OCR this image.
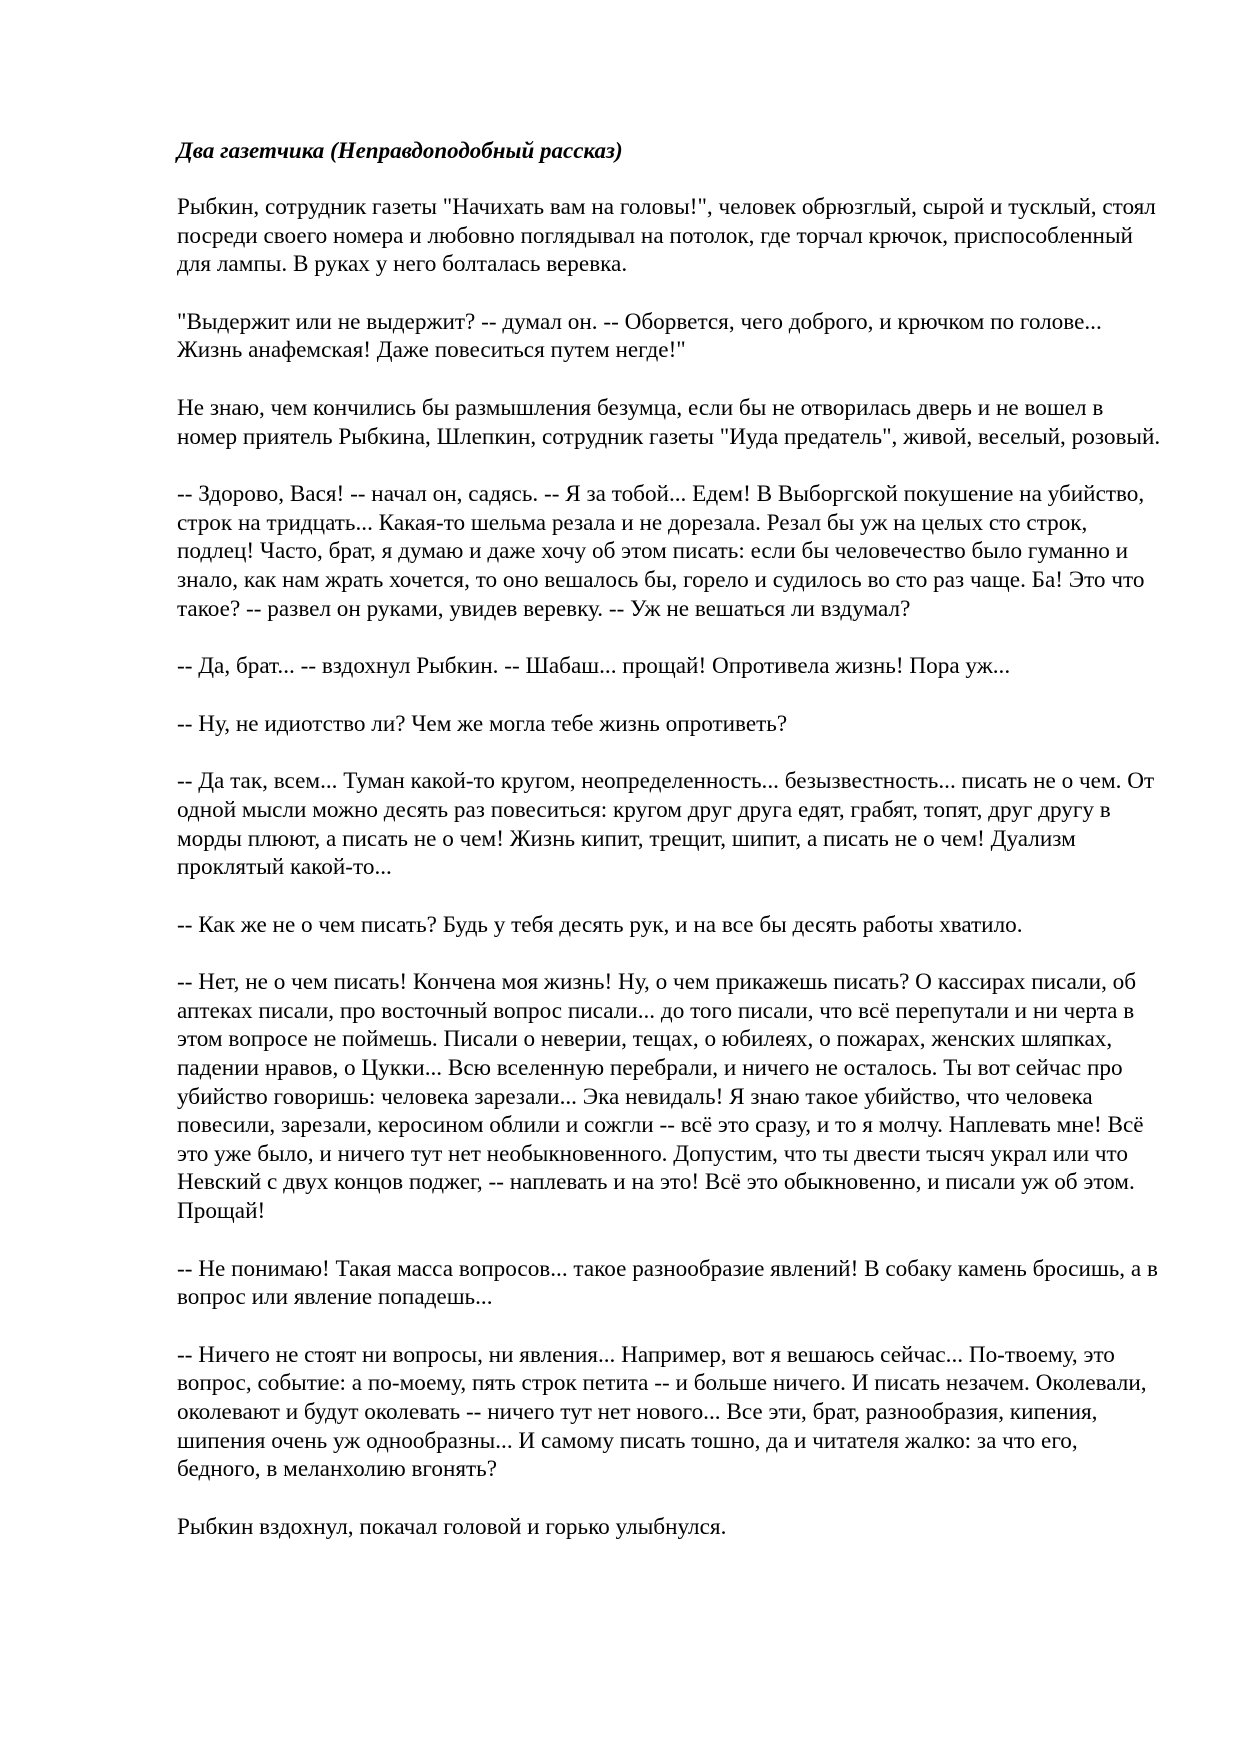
Два газетчика (Неправдоподобный рассказ)

Рыбкин, сотрудник газеты "Начихать вам на головы!", человек обрюзглый, сырой и тусклый, стоял посреди своего номера и любовно поглядывал на потолок, где торчал крючок, приспособленный для лампы. В руках у него болталась веревка.

"Выдержит или не выдержит? -- думал он. -- Оборвется, чего доброго, и крючком по голове... Жизнь анафемская! Даже повеситься путем негде!"

Не знаю, чем кончились бы размышления безумца, если бы не отворилась дверь и не вошел в номер приятель Рыбкина, Шлепкин, сотрудник газеты "Иуда предатель", живой, веселый, розовый.

-- Здорово, Вася! -- начал он, садясь. -- Я за тобой... Едем! В Выборгской покушение на убийство, строк на тридцать... Какая-то шельма резала и не дорезала. Резал бы уж на целых сто строк, подлец! Часто, брат, я думаю и даже хочу об этом писать: если бы человечество было гуманно и знало, как нам жрать хочется, то оно вешалось бы, горело и судилось во сто раз чаще. Ба! Это что такое? -- развел он руками, увидев веревку. -- Уж не вешаться ли вздумал?

-- Да, брат... -- вздохнул Рыбкин. -- Шабаш... прощай! Опротивела жизнь! Пора уж...

-- Ну, не идиотство ли? Чем же могла тебе жизнь опротиветь?

-- Да так, всем... Туман какой-то кругом, неопределенность... безызвестность... писать не о чем. От одной мысли можно десять раз повеситься: кругом друг друга едят, грабят, топят, друг другу в морды плюют, а писать не о чем! Жизнь кипит, трещит, шипит, а писать не о чем! Дуализм проклятый какой-то...

-- Как же не о чем писать? Будь у тебя десять рук, и на все бы десять работы хватило.

-- Нет, не о чем писать! Кончена моя жизнь! Ну, о чем прикажешь писать? О кассирах писали, об аптеках писали, про восточный вопрос писали... до того писали, что всё перепутали и ни черта в этом вопросе не поймешь. Писали о неверии, тещах, о юбилеях, о пожарах, женских шляпках, падении нравов, о Цукки... Всю вселенную перебрали, и ничего не осталось. Ты вот сейчас про убийство говоришь: человека зарезали... Эка невидаль! Я знаю такое убийство, что человека повесили, зарезали, керосином облили и сожгли -- всё это сразу, и то я молчу. Наплевать мне! Всё это уже было, и ничего тут нет необыкновенного. Допустим, что ты двести тысяч украл или что Невский с двух концов поджег, -- наплевать и на это! Всё это обыкновенно, и писали уж об этом. Прощай!

-- Не понимаю! Такая масса вопросов... такое разнообразие явлений! В собаку камень бросишь, а в вопрос или явление попадешь...

-- Ничего не стоят ни вопросы, ни явления... Например, вот я вешаюсь сейчас... По-твоему, это вопрос, событие: а по-моему, пять строк петита -- и больше ничего. И писать незачем. Околевали, околевают и будут околевать -- ничего тут нет нового... Все эти, брат, разнообразия, кипения, шипения очень уж однообразны... И самому писать тошно, да и читателя жалко: за что его, бедного, в меланхолию вгонять?

Рыбкин вздохнул, покачал головой и горько улыбнулся.
